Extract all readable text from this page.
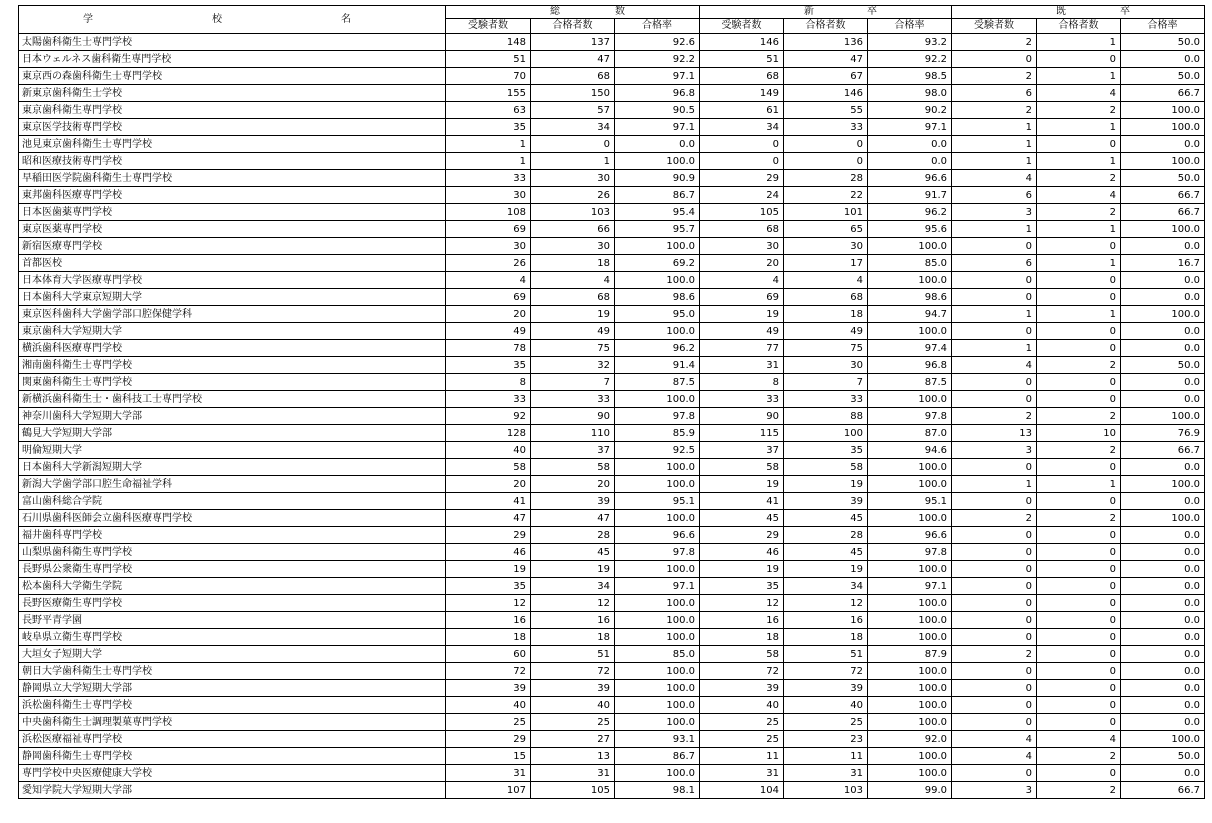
学 校 名	総 数			新 卒			既 卒		

	受験者数	合格者数	合格率	受験者数	合格者数	合格率	受験者数	合格者数	合格率
太陽歯科衛生士専門学校	148	137	92.6	146	136	93.2	2	1	50.0
日本ウェルネス歯科衛生専門学校	51	47	92.2	51	47	92.2	0	0	0.0
東京西の森歯科衛生士専門学校	70	68	97.1	68	67	98.5	2	1	50.0
新東京歯科衛生士学校	155	150	96.8	149	146	98.0	6	4	66.7
東京歯科衛生専門学校	63	57	90.5	61	55	90.2	2	2	100.0
東京医学技術専門学校	35	34	97.1	34	33	97.1	1	1	100.0
池見東京歯科衛生士専門学校	1	0	0.0	0	0	0.0	1	0	0.0
昭和医療技術専門学校	1	1	100.0	0	0	0.0	1	1	100.0
早稲田医学院歯科衛生士専門学校	33	30	90.9	29	28	96.6	4	2	50.0
東邦歯科医療専門学校	30	26	86.7	24	22	91.7	6	4	66.7
日本医歯薬専門学校	108	103	95.4	105	101	96.2	3	2	66.7
東京医薬専門学校	69	66	95.7	68	65	95.6	1	1	100.0
新宿医療専門学校	30	30	100.0	30	30	100.0	0	0	0.0
首都医校	26	18	69.2	20	17	85.0	6	1	16.7
日本体育大学医療専門学校	4	4	100.0	4	4	100.0	0	0	0.0
日本歯科大学東京短期大学	69	68	98.6	69	68	98.6	0	0	0.0
東京医科歯科大学歯学部口腔保健学科	20	19	95.0	19	18	94.7	1	1	100.0
東京歯科大学短期大学	49	49	100.0	49	49	100.0	0	0	0.0
横浜歯科医療専門学校	78	75	96.2	77	75	97.4	1	0	0.0
湘南歯科衛生士専門学校	35	32	91.4	31	30	96.8	4	2	50.0
関東歯科衛生士専門学校	8	7	87.5	8	7	87.5	0	0	0.0
新横浜歯科衛生士・歯科技工士専門学校	33	33	100.0	33	33	100.0	0	0	0.0
神奈川歯科大学短期大学部	92	90	97.8	90	88	97.8	2	2	100.0
鶴見大学短期大学部	128	110	85.9	115	100	87.0	13	10	76.9
明倫短期大学	40	37	92.5	37	35	94.6	3	2	66.7
日本歯科大学新潟短期大学	58	58	100.0	58	58	100.0	0	0	0.0
新潟大学歯学部口腔生命福祉学科	20	20	100.0	19	19	100.0	1	1	100.0
富山歯科総合学院	41	39	95.1	41	39	95.1	0	0	0.0
石川県歯科医師会立歯科医療専門学校	47	47	100.0	45	45	100.0	2	2	100.0
福井歯科専門学校	29	28	96.6	29	28	96.6	0	0	0.0
山梨県歯科衛生専門学校	46	45	97.8	46	45	97.8	0	0	0.0
長野県公衆衛生専門学校	19	19	100.0	19	19	100.0	0	0	0.0
松本歯科大学衛生学院	35	34	97.1	35	34	97.1	0	0	0.0
長野医療衛生専門学校	12	12	100.0	12	12	100.0	0	0	0.0
長野平青学園	16	16	100.0	16	16	100.0	0	0	0.0
岐阜県立衛生専門学校	18	18	100.0	18	18	100.0	0	0	0.0
大垣女子短期大学	60	51	85.0	58	51	87.9	2	0	0.0
朝日大学歯科衛生士専門学校	72	72	100.0	72	72	100.0	0	0	0.0
静岡県立大学短期大学部	39	39	100.0	39	39	100.0	0	0	0.0
浜松歯科衛生士専門学校	40	40	100.0	40	40	100.0	0	0	0.0
中央歯科衛生士調理製菓専門学校	25	25	100.0	25	25	100.0	0	0	0.0
浜松医療福祉専門学校	29	27	93.1	25	23	92.0	4	4	100.0
静岡歯科衛生士専門学校	15	13	86.7	11	11	100.0	4	2	50.0
専門学校中央医療健康大学校	31	31	100.0	31	31	100.0	0	0	0.0
愛知学院大学短期大学部	107	105	98.1	104	103	99.0	3	2	66.7
